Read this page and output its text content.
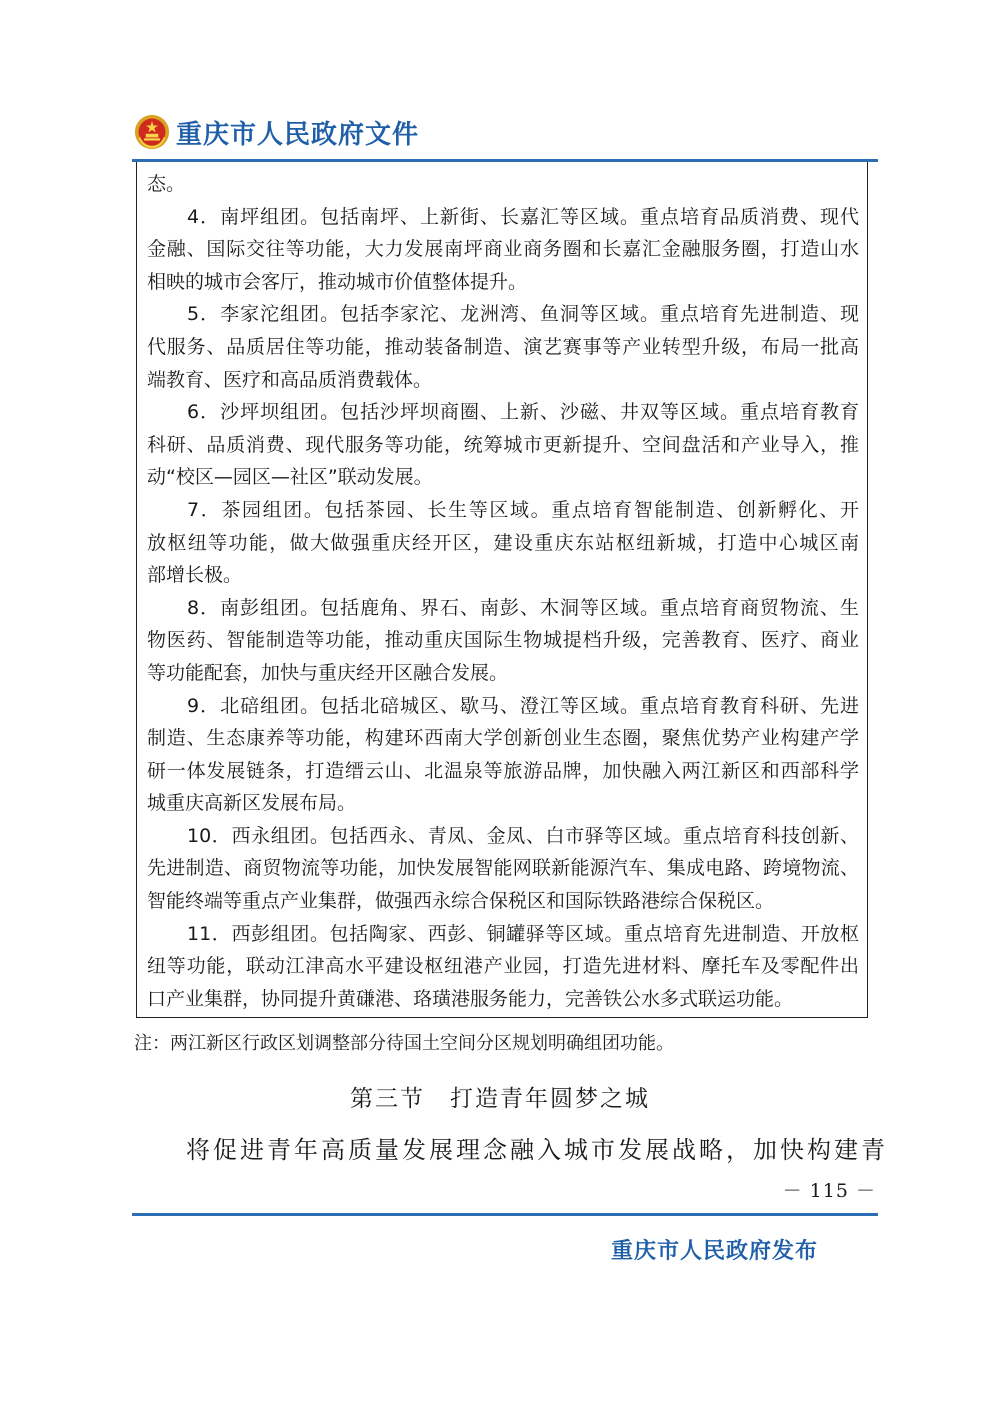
重庆市人民政府文件

态。

4．南坪组团。包括南坪、上新街、长嘉汇等区域。重点培育品质消费、现代

金融、国际交往等功能，大力发展南坪商业商务圈和长嘉汇金融服务圈，打造山水

相映的城市会客厅，推动城市价值整体提升。

5．李家沱组团。包括李家沱、龙洲湾、鱼洞等区域。重点培育先进制造、现

代服务、品质居住等功能，推动装备制造、演艺赛事等产业转型升级，布局一批高

端教育、医疗和高品质消费载体。

6．沙坪坝组团。包括沙坪坝商圈、上新、沙磁、井双等区域。重点培育教育

科研、品质消费、现代服务等功能，统筹城市更新提升、空间盘活和产业导入，推

动“校区—园区—社区”联动发展。

7．茶园组团。包括茶园、长生等区域。重点培育智能制造、创新孵化、开

放枢纽等功能，做大做强重庆经开区，建设重庆东站枢纽新城，打造中心城区南

部增长极。

8．南彭组团。包括鹿角、界石、南彭、木洞等区域。重点培育商贸物流、生

物医药、智能制造等功能，推动重庆国际生物城提档升级，完善教育、医疗、商业

等功能配套，加快与重庆经开区融合发展。

9．北碚组团。包括北碚城区、歇马、澄江等区域。重点培育教育科研、先进

制造、生态康养等功能，构建环西南大学创新创业生态圈，聚焦优势产业构建产学

研一体发展链条，打造缙云山、北温泉等旅游品牌，加快融入两江新区和西部科学

城重庆高新区发展布局。

10．西永组团。包括西永、青凤、金凤、白市驿等区域。重点培育科技创新、

先进制造、商贸物流等功能，加快发展智能网联新能源汽车、集成电路、跨境物流、

智能终端等重点产业集群，做强西永综合保税区和国际铁路港综合保税区。

11．西彭组团。包括陶家、西彭、铜罐驿等区域。重点培育先进制造、开放枢

纽等功能，联动江津高水平建设枢纽港产业园，打造先进材料、摩托车及零配件出

口产业集群，协同提升黄磏港、珞璜港服务能力，完善铁公水多式联运功能。

注：两江新区行政区划调整部分待国土空间分区规划明确组团功能。
第三节　打造青年圆梦之城
将促进青年高质量发展理念融入城市发展战略，加快构建青
－ 115 －
重庆市人民政府发布
